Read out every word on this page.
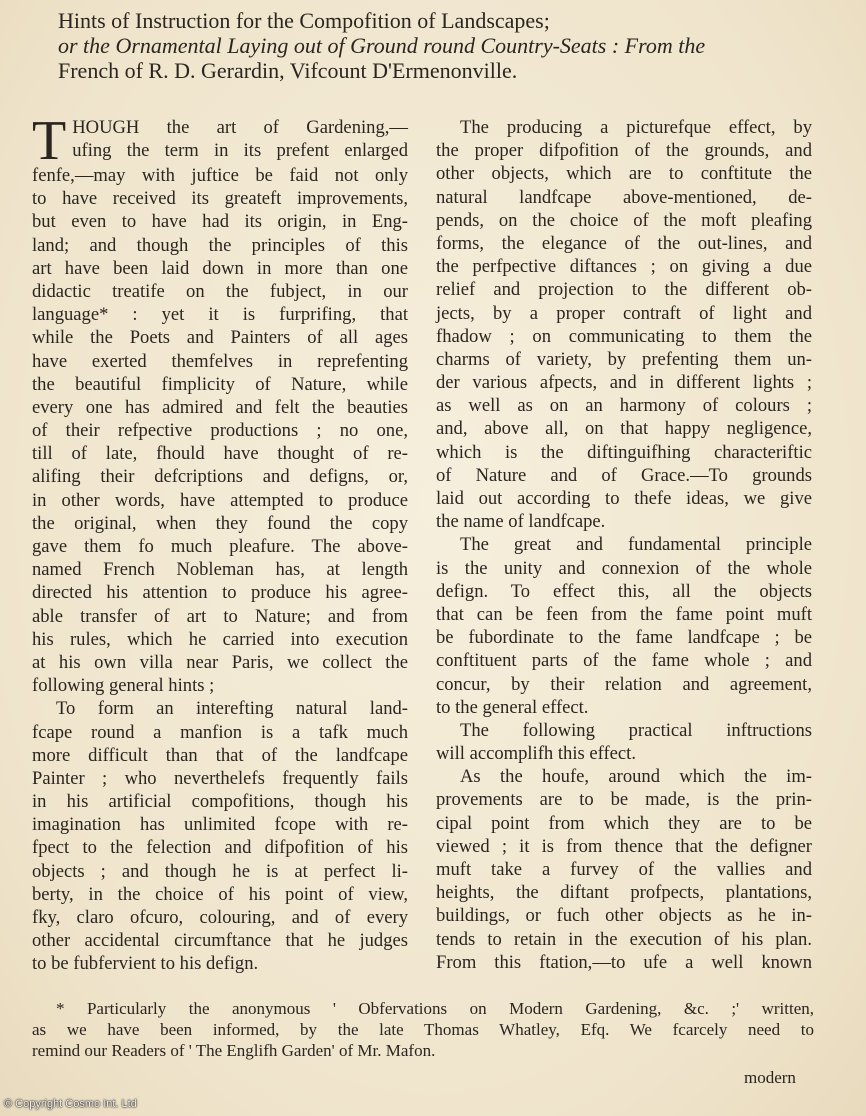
Hints of Instruction for the Compofition of Landscapes;
or the Ornamental Laying out of Ground round Country-Seats : From the
French of R. D. Gerardin, Vifcount D'Ermenonville.
T HOUGH the art of Gardening,—
ufing the term in its prefent enlarged
fenfe,—may with juftice be faid not only
to have received its greateft improvements,
but even to have had its origin, in Eng-
land; and though the principles of this
art have been laid down in more than one
didactic treatife on the fubject, in our
language* : yet it is furprifing, that
while the Poets and Painters of all ages
have exerted themfelves in reprefenting
the beautiful fimplicity of Nature, while
every one has admired and felt the beauties
of their refpective productions ; no one,
till of late, fhould have thought of re-
alifing their defcriptions and defigns, or,
in other words, have attempted to produce
the original, when they found the copy
gave them fo much pleafure. The above-
named French Nobleman has, at length
directed his attention to produce his agree-
able transfer of art to Nature; and from
his rules, which he carried into execution
at his own villa near Paris, we collect the
following general hints ;
To form an interefting natural land-
fcape round a manfion is a tafk much
more difficult than that of the landfcape
Painter ; who neverthelefs frequently fails
in his artificial compofitions, though his
imagination has unlimited fcope with re-
fpect to the felection and difpofition of his
objects ; and though he is at perfect li-
berty, in the choice of his point of view,
fky, claro ofcuro, colouring, and of every
other accidental circumftance that he judges
to be fubfervient to his defign.
The producing a picturefque effect, by
the proper difpofition of the grounds, and
other objects, which are to conftitute the
natural landfcape above-mentioned, de-
pends, on the choice of the moft pleafing
forms, the elegance of the out-lines, and
the perfpective diftances ; on giving a due
relief and projection to the different ob-
jects, by a proper contraft of light and
fhadow ; on communicating to them the
charms of variety, by prefenting them un-
der various afpects, and in different lights ;
as well as on an harmony of colours ;
and, above all, on that happy negligence,
which is the diftinguifhing characteriftic
of Nature and of Grace.—To grounds
laid out according to thefe ideas, we give
the name of landfcape.
The great and fundamental principle
is the unity and connexion of the whole
defign. To effect this, all the objects
that can be feen from the fame point muft
be fubordinate to the fame landfcape ; be
conftituent parts of the fame whole ; and
concur, by their relation and agreement,
to the general effect.
The following practical inftructions
will accomplifh this effect.
As the houfe, around which the im-
provements are to be made, is the prin-
cipal point from which they are to be
viewed ; it is from thence that the defigner
muft take a furvey of the vallies and
heights, the diftant profpects, plantations,
buildings, or fuch other objects as he in-
tends to retain in the execution of his plan.
From this ftation,—to ufe a well known
* Particularly the anonymous ' Obfervations on Modern Gardening, &c. ;' written,
as we have been informed, by the late Thomas Whatley, Efq. We fcarcely need to
remind our Readers of ' The Englifh Garden' of Mr. Mafon.
modern
© Copyright Cosmo Int. Ltd
